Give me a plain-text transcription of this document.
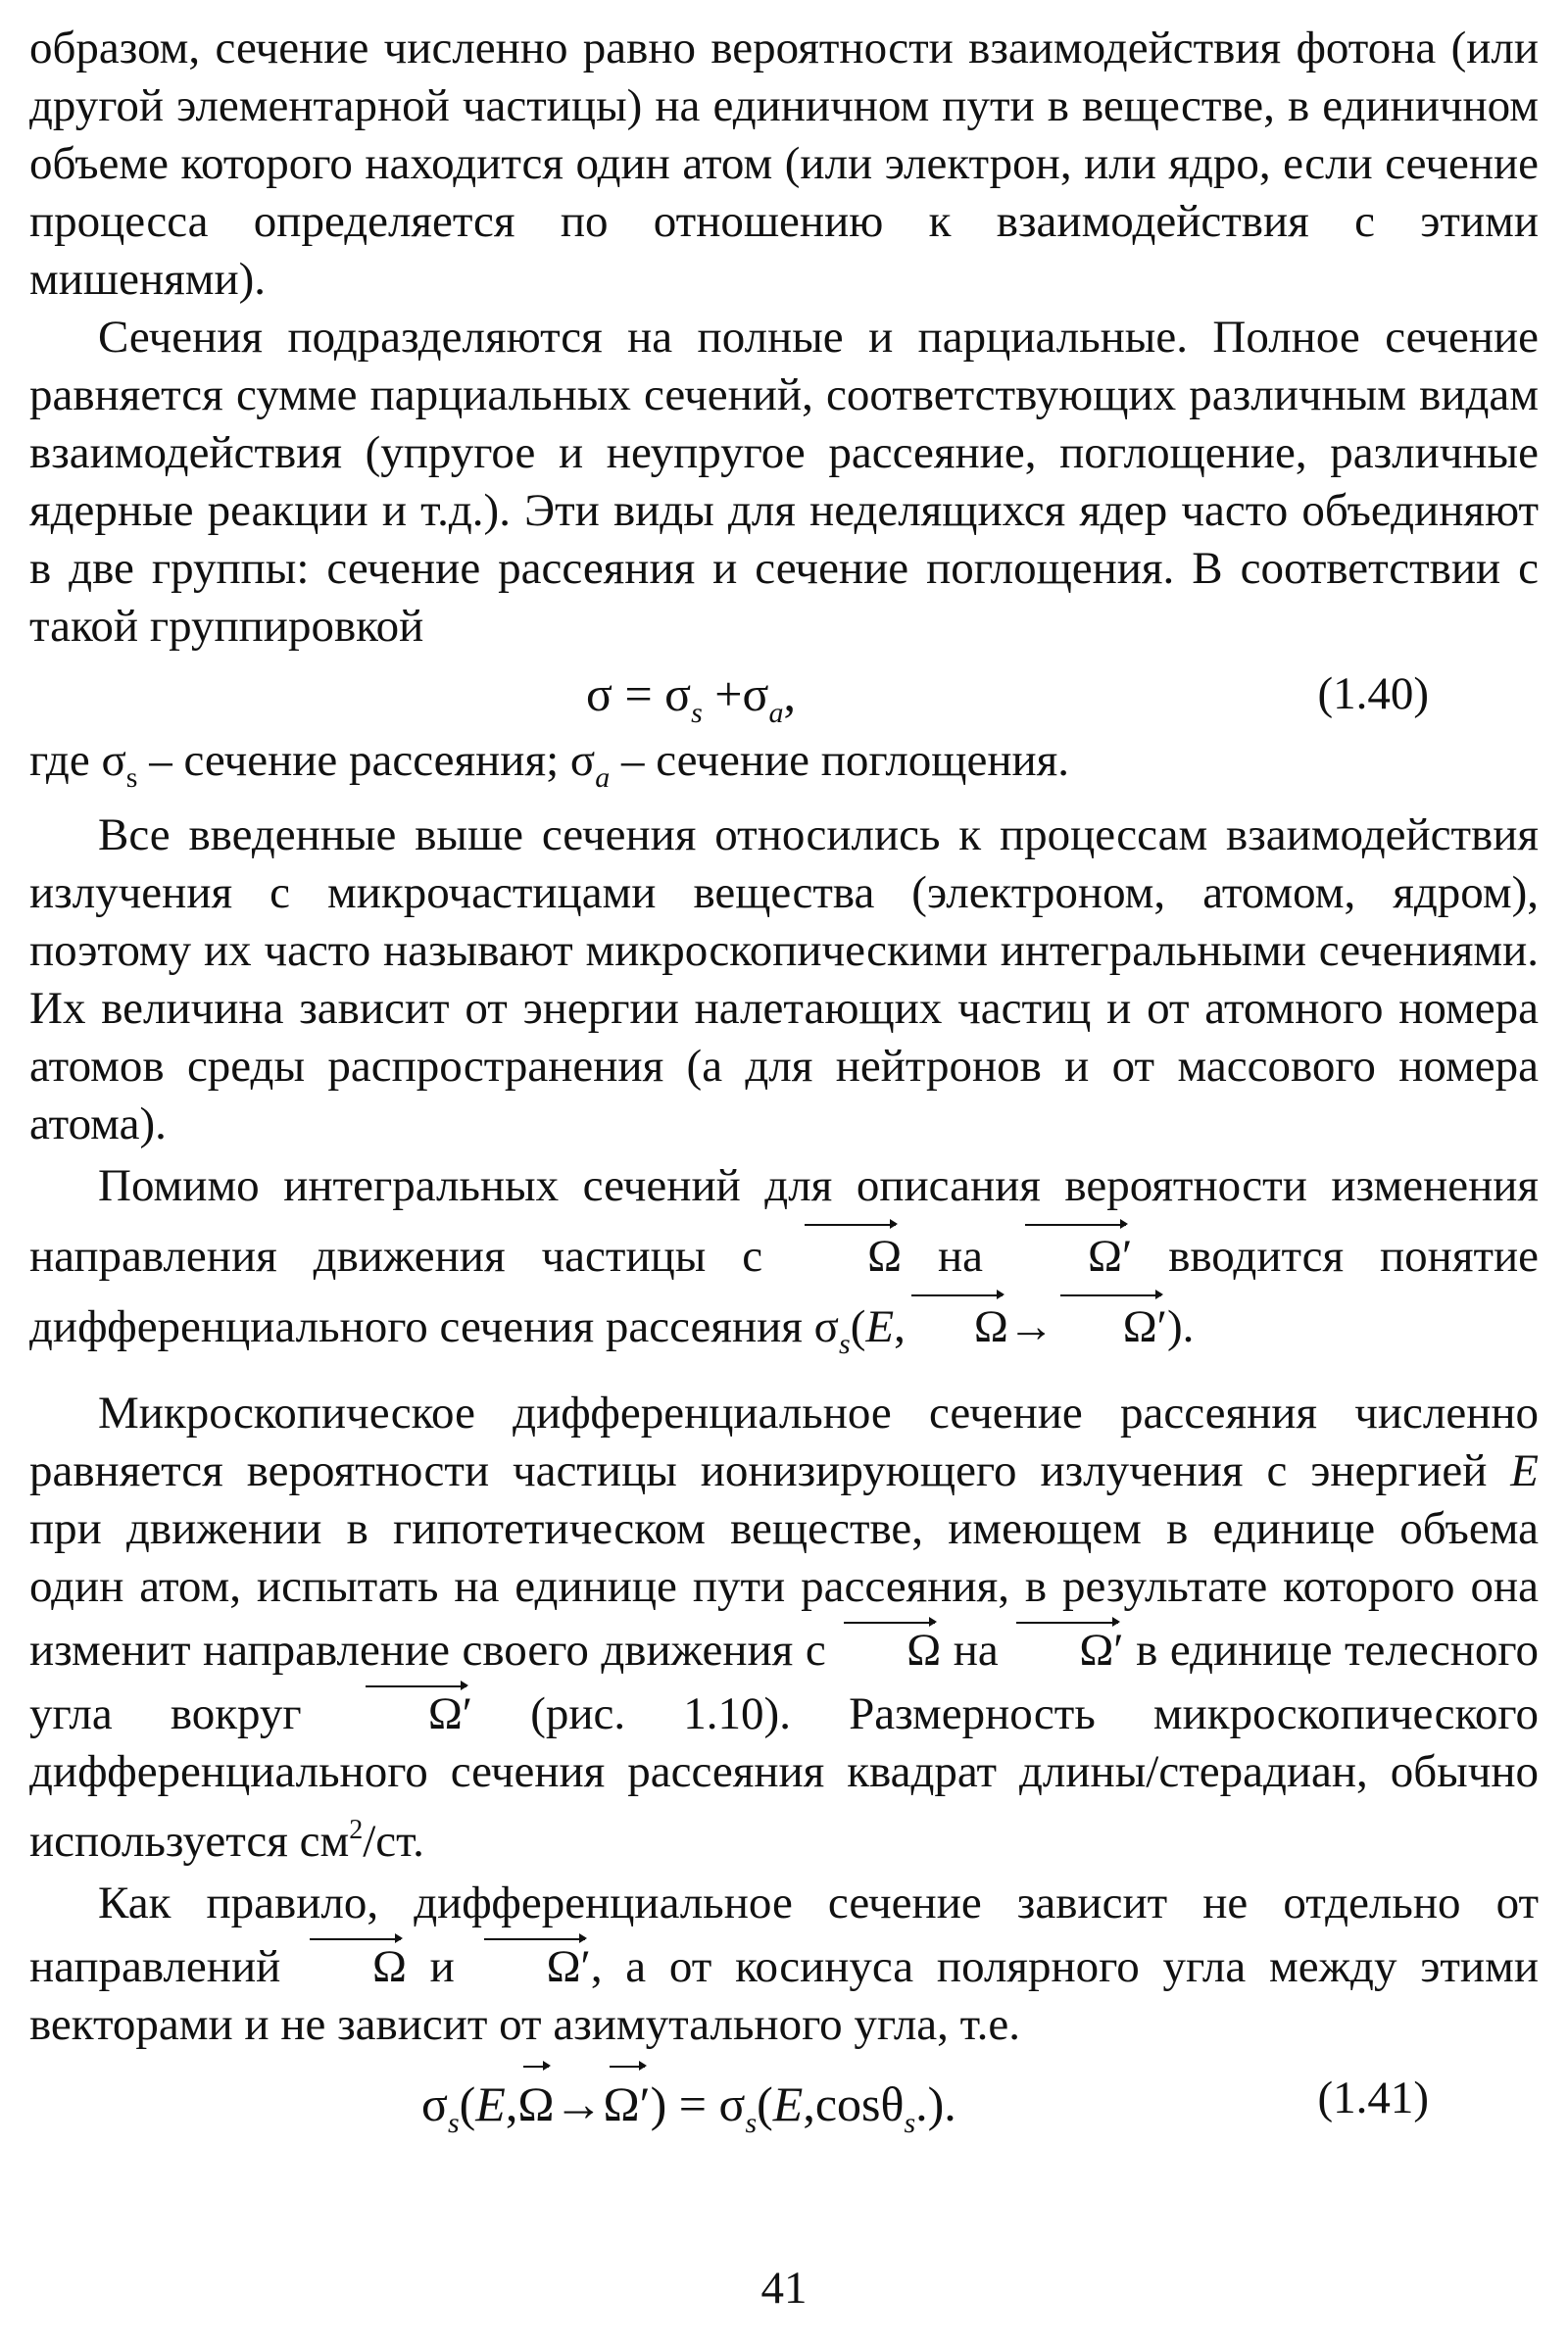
образом, сечение численно равно вероятности взаимодействия фотона (или другой элементарной частицы) на единичном пути в веществе, в единичном объеме которого находится один атом (или электрон, или ядро, если сечение процесса определяется по отношению к взаимодействия с этими мишенями).

Сечения подразделяются на полные и парциальные. Полное сечение равняется сумме парциальных сечений, соответствующих различным видам взаимодействия (упругое и неупругое рассеяние, поглощение, различные ядерные реакции и т.д.). Эти виды для неделящихся ядер часто объединяют в две группы: сечение рассеяния и сечение поглощения. В соответствии с такой группировкой

$\sigma = \sigma_s +\sigma_a$,	(1.40)

где $\sigma_s$ – сечение рассеяния; $\sigma_a$ – сечение поглощения.

Все введенные выше сечения относились к процессам взаимодействия излучения с микрочастицами вещества (электроном, атомом, ядром), поэтому их часто называют микроскопическими интегральными сечениями. Их величина зависит от энергии налетающих частиц и от атомного номера атомов среды распространения (а для нейтронов и от массового номера атома).

Помимо интегральных сечений для описания вероятности изменения направления движения частицы с Ω на Ω′ вводится понятие дифференциального сечения рассеяния $\sigma_s(E$, Ω→ Ω′).

Микроскопическое дифференциальное сечение рассеяния численно равняется вероятности частицы ионизирующего излучения с энергией E при движении в гипотетическом веществе, имеющем в единице объема один атом, испытать на единице пути рассеяния, в результате которого она изменит направление своего движения с Ω на Ω′ в единице телесного угла вокруг Ω′ (рис. 1.10). Размерность микроскопического дифференциального сечения рассеяния квадрат длины/стерадиан, обычно используется $см^2/ст$.

Как правило, дифференциальное сечение зависит не отдельно от направлений Ω и Ω′, а от косинуса полярного угла между этими векторами и не зависит от азимутального угла, т.е.

$\sigma_s(E,\Omega\to\Omega') = \sigma_s(E,\cos\theta_s.)$.	(1.41)
41
